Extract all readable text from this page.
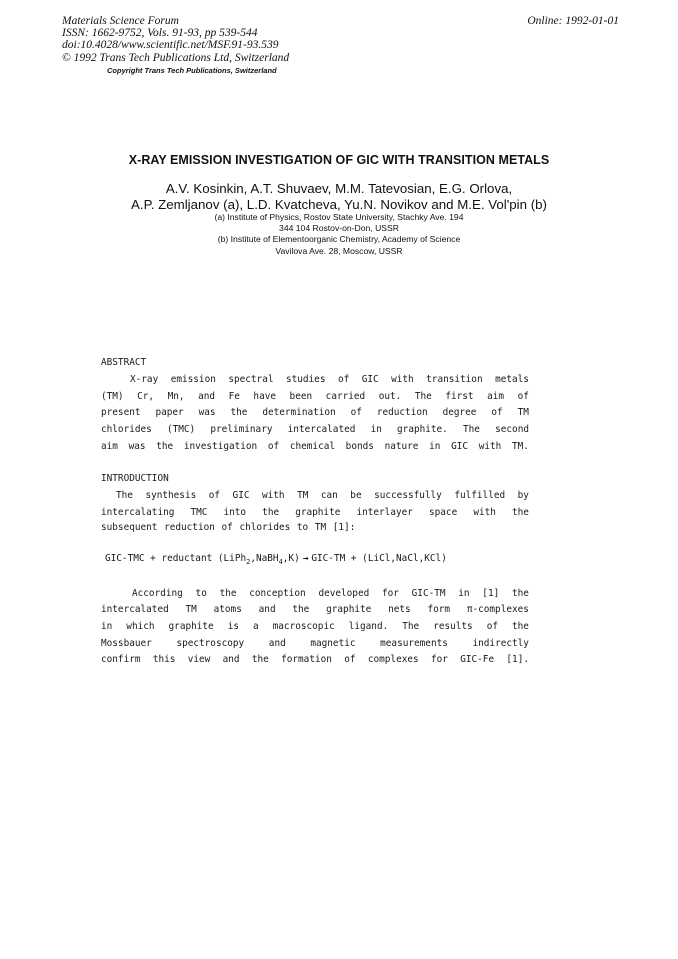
Materials Science Forum
ISSN: 1662-9752, Vols. 91-93, pp 539-544
doi:10.4028/www.scientific.net/MSF.91-93.539
© 1992 Trans Tech Publications Ltd, Switzerland
Online: 1992-01-01
Copyright Trans Tech Publications, Switzerland
X-RAY EMISSION INVESTIGATION OF GIC WITH TRANSITION METALS
A.V. Kosinkin, A.T. Shuvaev, M.M. Tatevosian, E.G. Orlova,
A.P. Zemljanov (a), L.D. Kvatcheva, Yu.N. Novikov and M.E. Vol'pin (b)
(a) Institute of Physics, Rostov State University, Stachky Ave. 194
344 104 Rostov-on-Don, USSR
(b) Institute of Elementoorganic Chemistry, Academy of Science
Vavilova Ave. 28, Moscow, USSR
ABSTRACT
X-ray emission spectral studies of GIC with transition metals
(TM) Cr, Mn, and Fe have been carried out. The first aim of
present paper was the determination of reduction degree of TM
chlorides (TMC) preliminary intercalated in graphite. The second
aim was the investigation of chemical bonds nature in GIC with TM.
INTRODUCTION
The synthesis of GIC with TM can be successfully fulfilled by
intercalating TMC into the graphite interlayer space with the
subsequent reduction of chlorides to TM [1]:
GIC-TMC + reductant (LiPh$_2$,NaBH$_4$,K) → GIC-TM + (LiCl,NaCl,KCl)
According to the conception developed for GIC-TM in [1] the
intercalated TM atoms and the graphite nets form π-complexes
in which graphite is a macroscopic ligand. The results of the
Mossbauer	spectroscopy	and	magnetic	measurements	indirectly
confirm this view and the formation of complexes for GIC-Fe [1].
